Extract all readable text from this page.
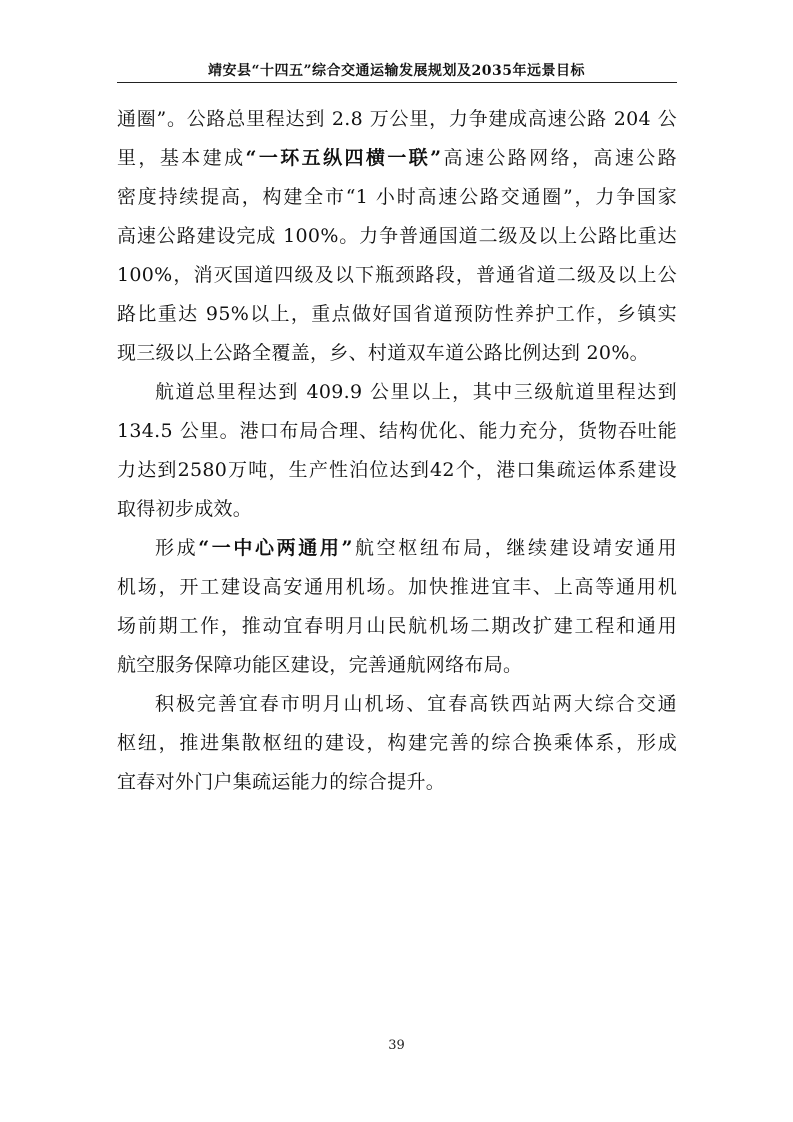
靖安县“十四五”综合交通运输发展规划及2035年远景目标
通圈”。公路总里程达到 2.8 万公里，力争建成高速公路 204 公
里，基本建成“一环五纵四横一联”高速公路网络，高速公路
密度持续提高，构建全市“1 小时高速公路交通圈”，力争国家
高速公路建设完成 100%。力争普通国道二级及以上公路比重达
100%，消灭国道四级及以下瓶颈路段，普通省道二级及以上公
路比重达 95%以上，重点做好国省道预防性养护工作，乡镇实
现三级以上公路全覆盖，乡、村道双车道公路比例达到 20%。
航道总里程达到 409.9 公里以上，其中三级航道里程达到
134.5 公里。港口布局合理、结构优化、能力充分，货物吞吐能
力达到2580万吨，生产性泊位达到42个，港口集疏运体系建设
取得初步成效。
形成“一中心两通用”航空枢纽布局，继续建设靖安通用
机场，开工建设高安通用机场。加快推进宜丰、上高等通用机
场前期工作，推动宜春明月山民航机场二期改扩建工程和通用
航空服务保障功能区建设，完善通航网络布局。
积极完善宜春市明月山机场、宜春高铁西站两大综合交通
枢纽，推进集散枢纽的建设，构建完善的综合换乘体系，形成
宜春对外门户集疏运能力的综合提升。
39
